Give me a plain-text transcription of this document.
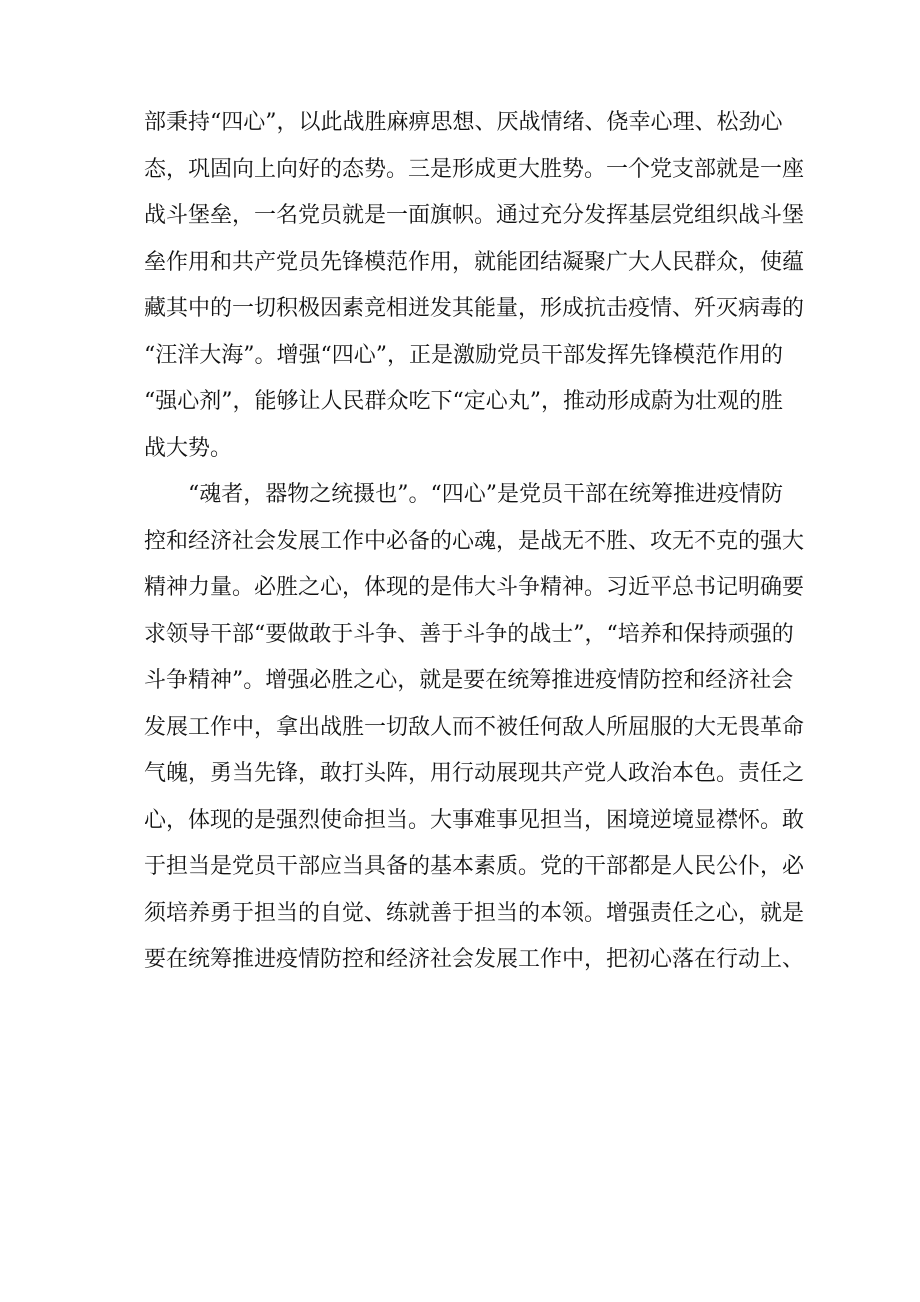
部秉持“四心”，以此战胜麻痹思想、厌战情绪、侥幸心理、松劲心
态，巩固向上向好的态势。三是形成更大胜势。一个党支部就是一座
战斗堡垒，一名党员就是一面旗帜。通过充分发挥基层党组织战斗堡
垒作用和共产党员先锋模范作用，就能团结凝聚广大人民群众，使蕴
藏其中的一切积极因素竞相迸发其能量，形成抗击疫情、歼灭病毒的
“汪洋大海”。增强“四心”，正是激励党员干部发挥先锋模范作用的
“强心剂”，能够让人民群众吃下“定心丸”，推动形成蔚为壮观的胜
战大势。
“魂者，器物之统摄也”。“四心”是党员干部在统筹推进疫情防
控和经济社会发展工作中必备的心魂，是战无不胜、攻无不克的强大
精神力量。必胜之心，体现的是伟大斗争精神。习近平总书记明确要
求领导干部“要做敢于斗争、善于斗争的战士”，“培养和保持顽强的
斗争精神”。增强必胜之心，就是要在统筹推进疫情防控和经济社会
发展工作中，拿出战胜一切敌人而不被任何敌人所屈服的大无畏革命
气魄，勇当先锋，敢打头阵，用行动展现共产党人政治本色。责任之
心，体现的是强烈使命担当。大事难事见担当，困境逆境显襟怀。敢
于担当是党员干部应当具备的基本素质。党的干部都是人民公仆，必
须培养勇于担当的自觉、练就善于担当的本领。增强责任之心，就是
要在统筹推进疫情防控和经济社会发展工作中，把初心落在行动上、
